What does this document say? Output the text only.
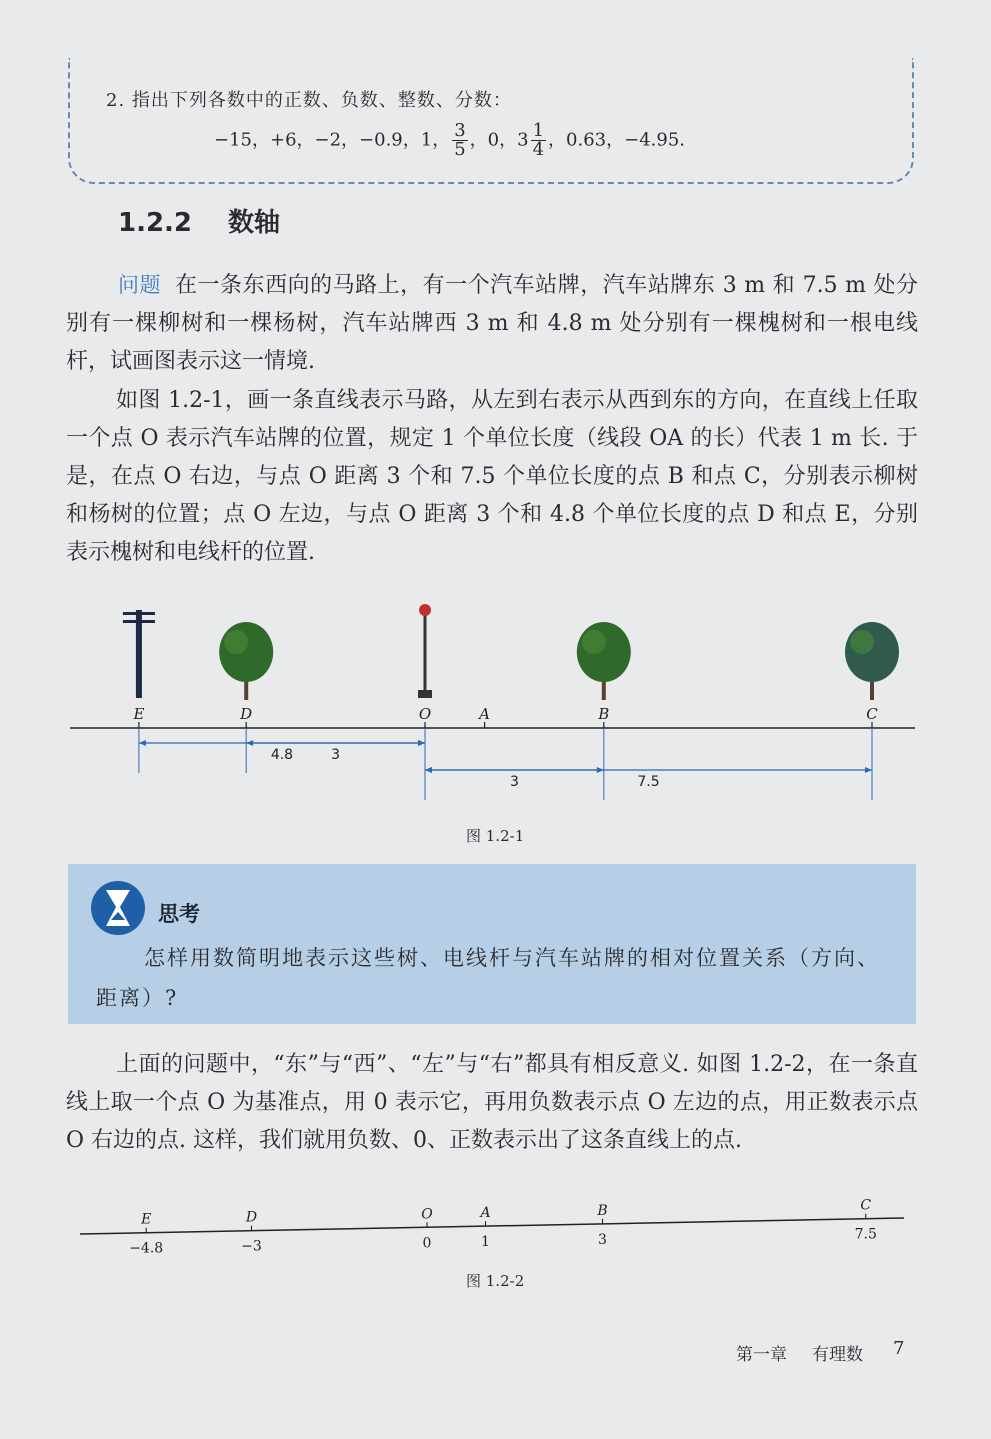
2. 指出下列各数中的正数、负数、整数、分数：
−15，+6，−2，−0.9，1， $\frac{3}{5}$ ，0，$3 \frac{1}{4}$ ，0.63，−4.95.
1.2.2 数轴
问题 在一条东西向的马路上，有一个汽车站牌，汽车站牌东 3 m 和 7.5 m 处分别有一棵柳树和一棵杨树，汽车站牌西 3 m 和 4.8 m 处分别有一棵槐树和一根电线杆，试画图表示这一情境.
如图 1.2-1，画一条直线表示马路，从左到右表示从西到东的方向，在直线上任取一个点 O 表示汽车站牌的位置，规定 1 个单位长度（线段 OA 的长）代表 1 m 长. 于是，在点 O 右边，与点 O 距离 3 个和 7.5 个单位长度的点 B 和点 C，分别表示柳树和杨树的位置；点 O 左边，与点 O 距离 3 个和 4.8 个单位长度的点 D 和点 E，分别表示槐树和电线杆的位置.
E	D	O	A	B	C
3
3
4.8
7.5
图 1.2-1
思考
怎样用数简明地表示这些树、电线杆与汽车站牌的相对位置关系（方向、距离）?
上面的问题中，“东”与“西”、“左”与“右”都具有相反意义. 如图 1.2-2，在一条直线上取一个点 O 为基准点，用 0 表示它，再用负数表示点 O 左边的点，用正数表示点 O 右边的点. 这样，我们就用负数、0、正数表示出了这条直线上的点.
E
−4.8
D
−3
O
0
A
1
B
3
C
7.5
图 1.2-2
第一章 有理数 7
